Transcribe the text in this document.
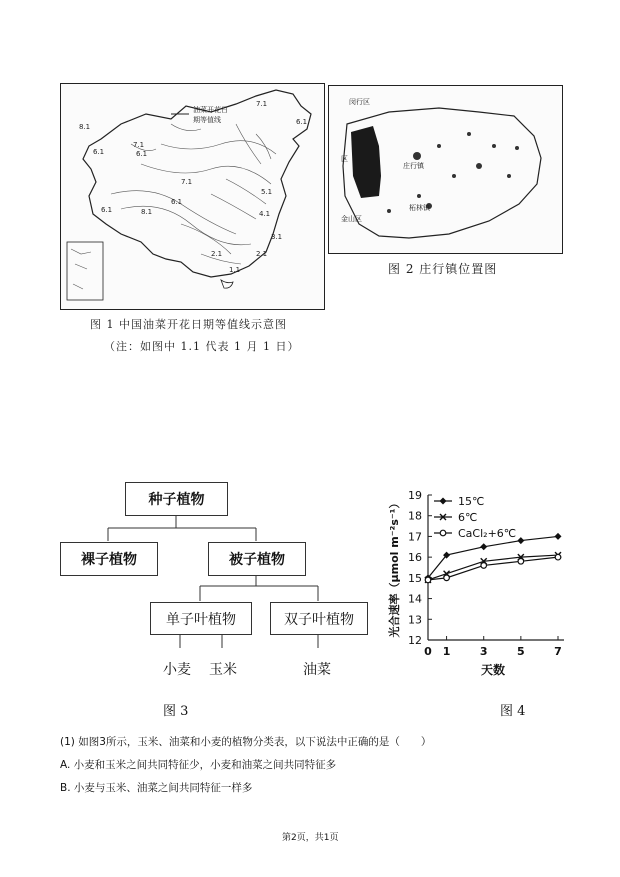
油菜开花日
期等值线
8.1
7.1
6.1
6.1
6.1	8.1
7.1
6.1
7.1
6.1
5.1
4.1
3.1
2.1	2.1
1.1
图 1 中国油菜开花日期等值线示意图
（注：如图中 1.1 代表 1 月 1 日）
闵行区
区
庄行镇
柘林镇
金山区
图 2 庄行镇位置图
种子植物
裸子植物	被子植物
单子叶植物	双子叶植物
小麦 玉米	油菜
图 3
12
13
14
15
16
17
18
19
0 1	3	5	7
天数
光合速率（μmol m⁻²s⁻¹）	15℃
6℃
CaCl₂+6℃
图 4
(1) 如图3所示，玉米、油菜和小麦的植物分类表，以下说法中正确的是（　　）
A. 小麦和玉米之间共同特征少，小麦和油菜之间共同特征多
B. 小麦与玉米、油菜之间共同特征一样多
第2页，共1页
